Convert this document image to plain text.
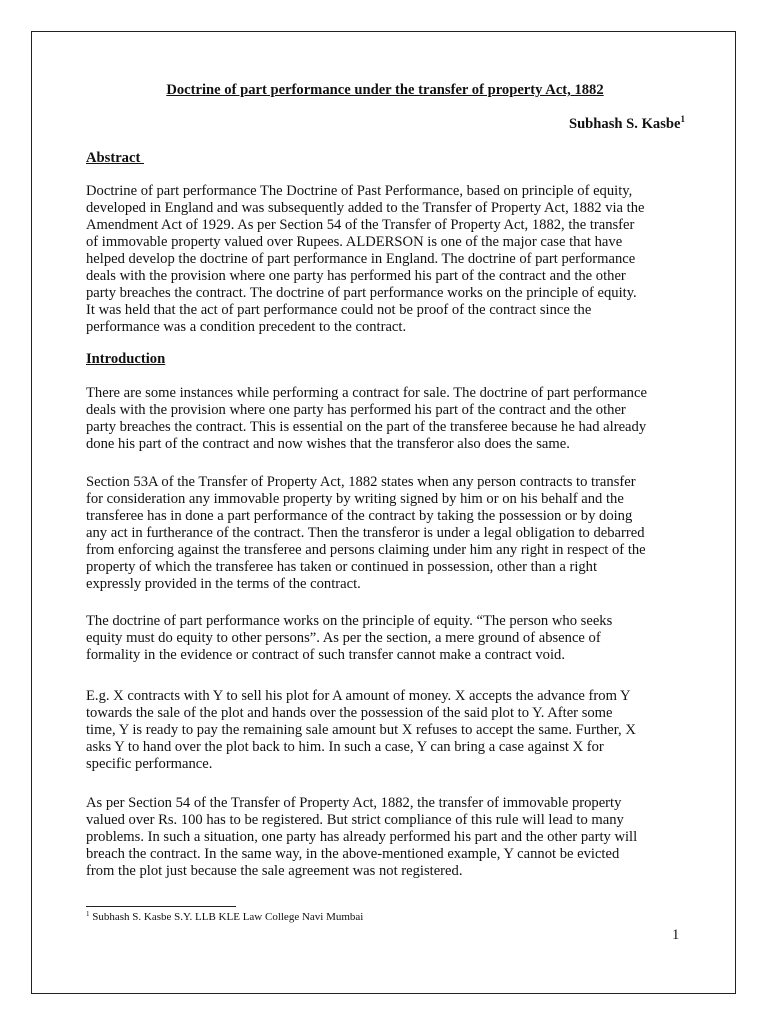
Doctrine of part performance under the transfer of property Act, 1882
Subhash S. Kasbe$^1$
Abstract
Doctrine of part performance The Doctrine of Past Performance, based on principle of equity,
developed in England and was subsequently added to the Transfer of Property Act, 1882 via the
Amendment Act of 1929. As per Section 54 of the Transfer of Property Act, 1882, the transfer
of immovable property valued over Rupees. ALDERSON is one of the major case that have
helped develop the doctrine of part performance in England. The doctrine of part performance
deals with the provision where one party has performed his part of the contract and the other
party breaches the contract. The doctrine of part performance works on the principle of equity.
It was held that the act of part performance could not be proof of the contract since the
performance was a condition precedent to the contract.
Introduction
There are some instances while performing a contract for sale. The doctrine of part performance
deals with the provision where one party has performed his part of the contract and the other
party breaches the contract. This is essential on the part of the transferee because he had already
done his part of the contract and now wishes that the transferor also does the same.
Section 53A of the Transfer of Property Act, 1882 states when any person contracts to transfer
for consideration any immovable property by writing signed by him or on his behalf and the
transferee has in done a part performance of the contract by taking the possession or by doing
any act in furtherance of the contract. Then the transferor is under a legal obligation to debarred
from enforcing against the transferee and persons claiming under him any right in respect of the
property of which the transferee has taken or continued in possession, other than a right
expressly provided in the terms of the contract.
The doctrine of part performance works on the principle of equity. “The person who seeks
equity must do equity to other persons”. As per the section, a mere ground of absence of
formality in the evidence or contract of such transfer cannot make a contract void.
E.g. X contracts with Y to sell his plot for A amount of money. X accepts the advance from Y
towards the sale of the plot and hands over the possession of the said plot to Y. After some
time, Y is ready to pay the remaining sale amount but X refuses to accept the same. Further, X
asks Y to hand over the plot back to him. In such a case, Y can bring a case against X for
specific performance.
As per Section 54 of the Transfer of Property Act, 1882, the transfer of immovable property
valued over Rs. 100 has to be registered. But strict compliance of this rule will lead to many
problems. In such a situation, one party has already performed his part and the other party will
breach the contract. In the same way, in the above-mentioned example, Y cannot be evicted
from the plot just because the sale agreement was not registered.
$^1$ Subhash S. Kasbe S.Y. LLB KLE Law College Navi Mumbai
1
